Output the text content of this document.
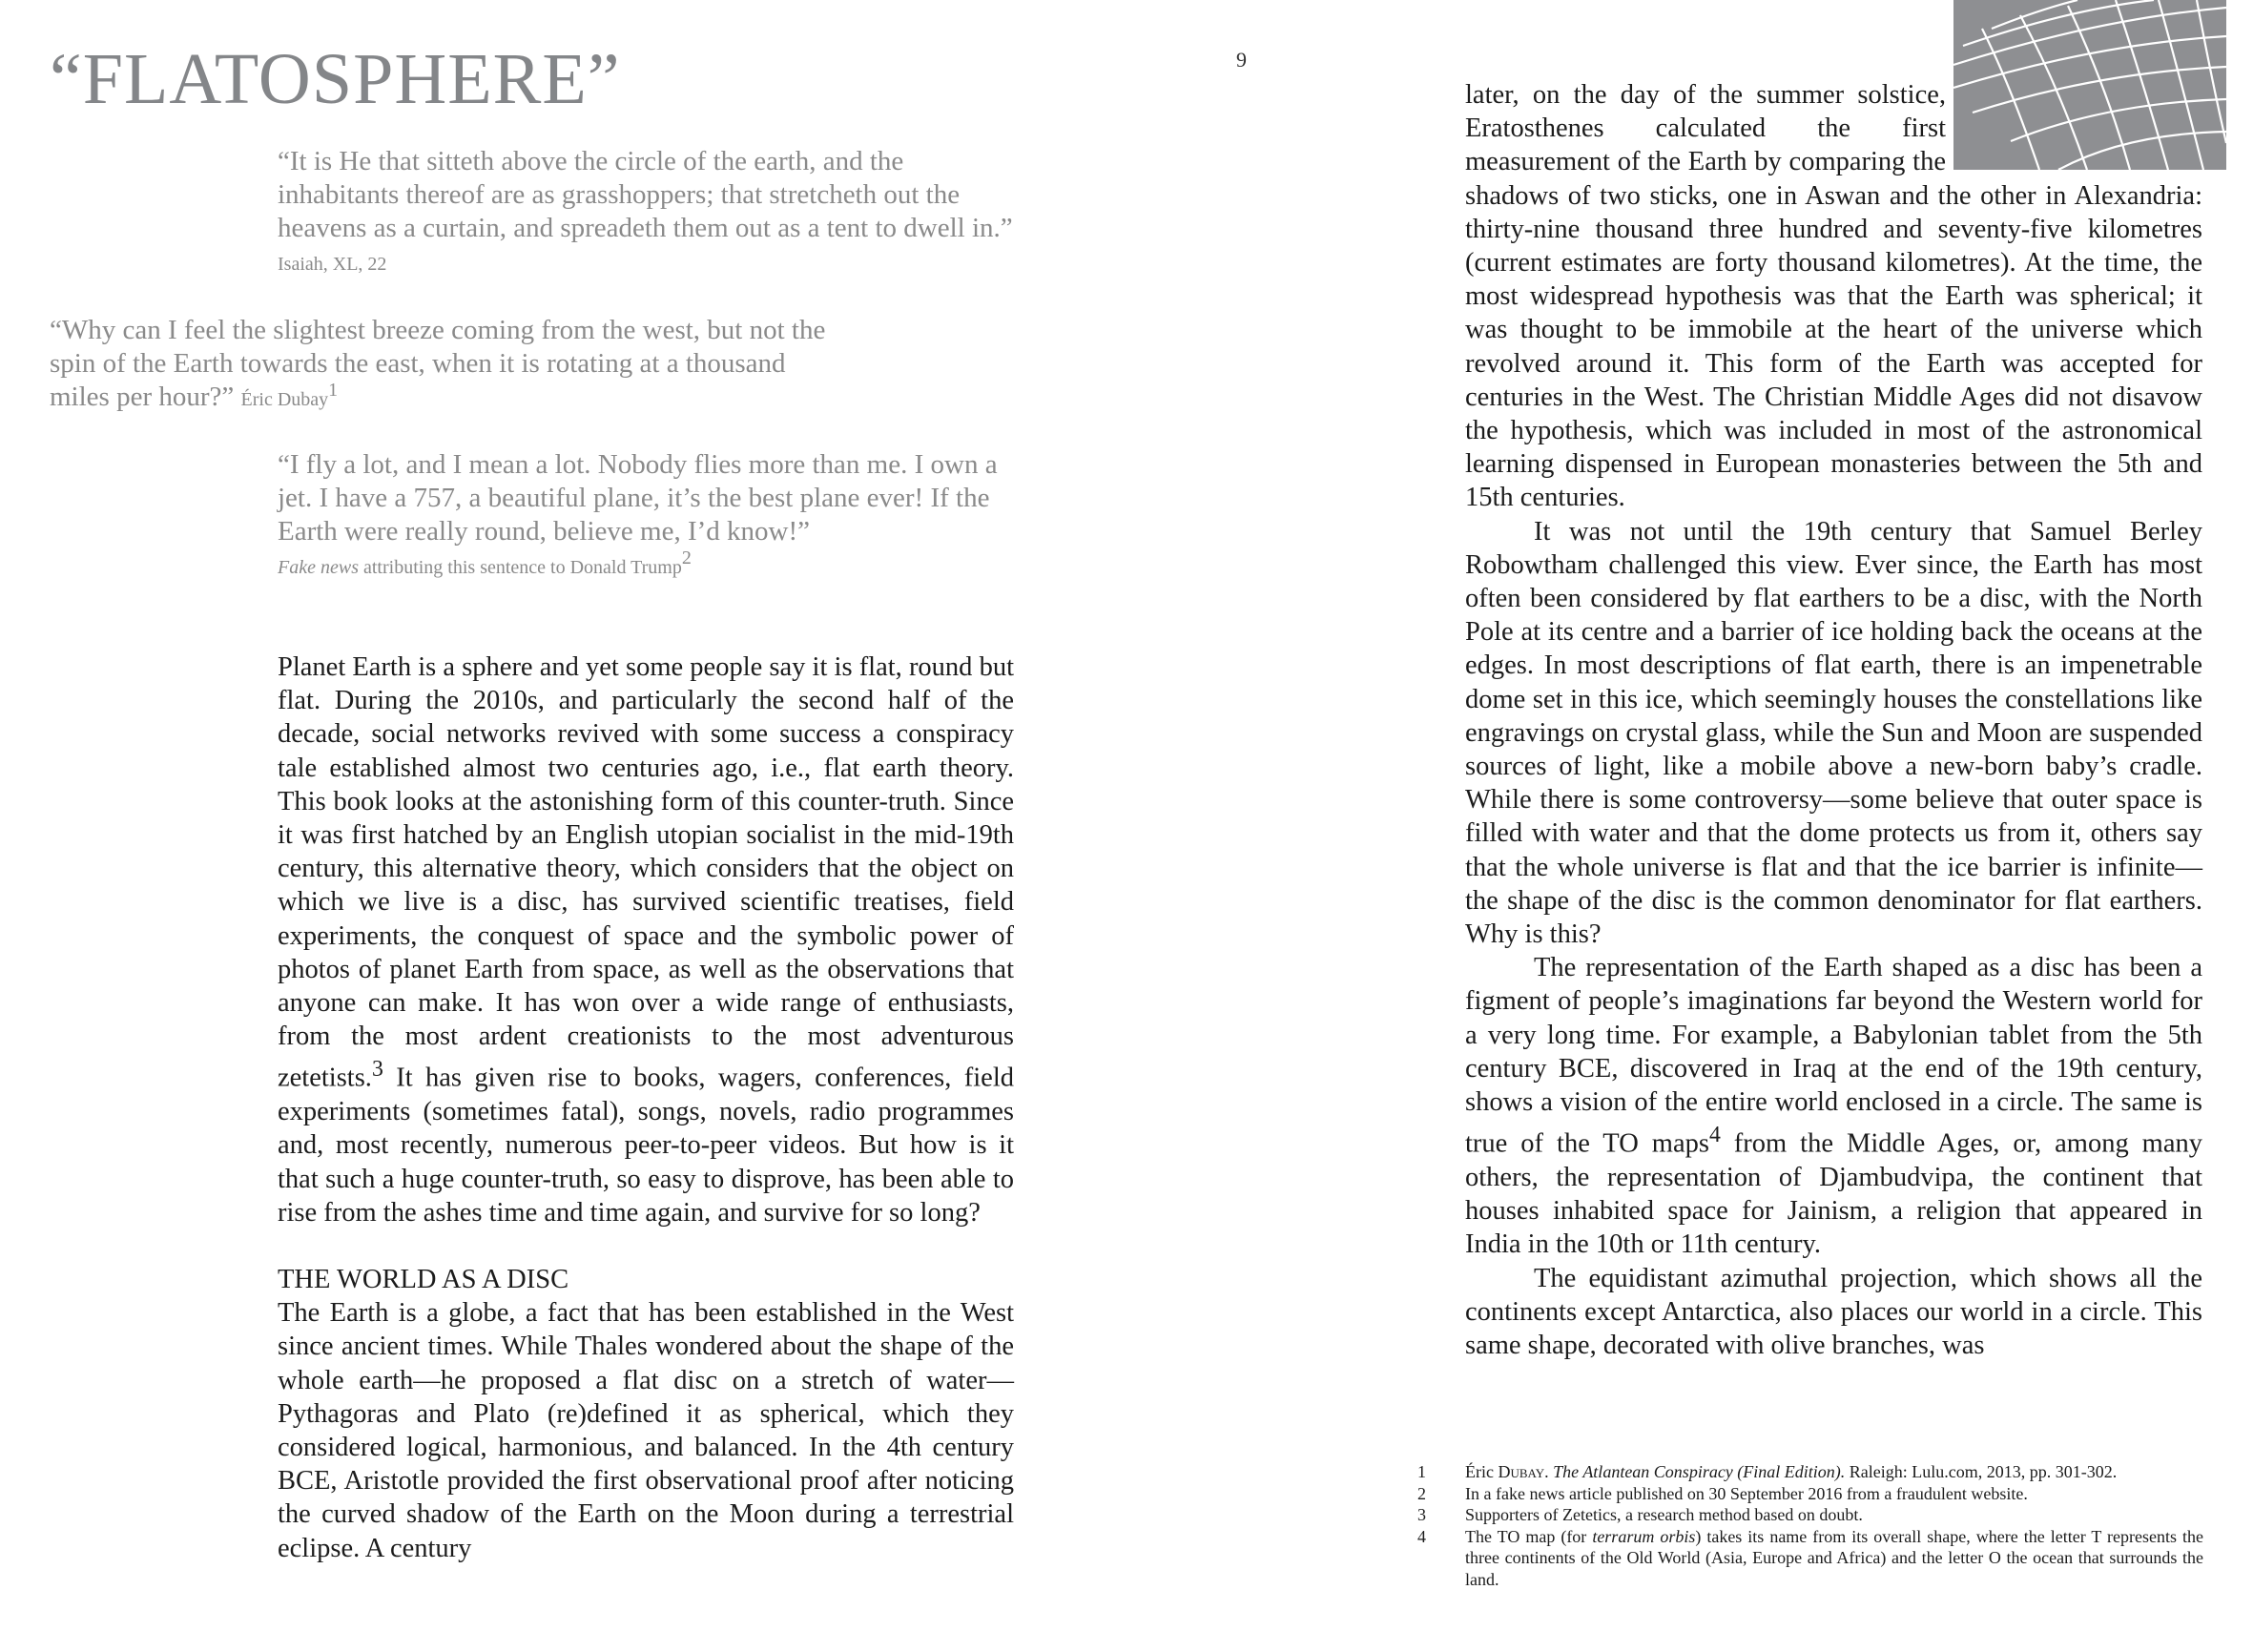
“FLATOSPHERE”	9
“It is He that sitteth above the circle of the earth, and the inhabitants thereof are as grasshoppers; that stretcheth out the heavens as a curtain, and spreadeth them out as a tent to dwell in.” Isaiah, XL, 22
“Why can I feel the slightest breeze coming from the west, but not the spin of the Earth towards the east, when it is rotating at a thousand miles per hour?” Éric Dubay$^1$
“I fly a lot, and I mean a lot. Nobody flies more than me. I own a jet. I have a 757, a beautiful plane, it’s the best plane ever! If the Earth were really round, believe me, I’d know!”
Fake news attributing this sentence to Donald Trump$^2$

Planet Earth is a sphere and yet some people say it is flat, round but flat. During the 2010s, and particularly the second half of the decade, social networks revived with some success a conspiracy tale established almost two centuries ago, i.e., flat earth theory. This book looks at the astonishing form of this counter-truth. Since it was first hatched by an English utopian socialist in the mid-19th century, this alternative theory, which considers that the object on which we live is a disc, has survived scientific treatises, field experiments, the conquest of space and the symbolic power of photos of planet Earth from space, as well as the observations that anyone can make. It has won over a wide range of enthusiasts, from the most ardent creationists to the most adventurous zetetists.$^3$ It has given rise to books, wagers, conferences, field experiments (sometimes fatal), songs, novels, radio programmes and, most recently, numerous peer-to-peer videos. But how is it that such a huge counter-truth, so easy to disprove, has been able to rise from the ashes time and time again, and survive for so long?

THE WORLD AS A DISC

The Earth is a globe, a fact that has been established in the West since ancient times. While Thales wondered about the shape of the whole earth—he proposed a flat disc on a stretch of water—Pythagoras and Plato (re)defined it as spherical, which they considered logical, harmonious, and balanced. In the 4th century BCE, Aristotle provided the first observational proof after noticing the curved shadow of the Earth on the Moon during a terrestrial eclipse. A century

later, on the day of the summer solstice, Eratosthenes calculated the first measurement of the Earth by comparing the shadows of two sticks, one in Aswan and the other in Alexandria: thirty-nine thousand three hundred and seventy-five kilometres (current estimates are forty thousand kilometres). At the time, the most widespread hypothesis was that the Earth was spherical; it was thought to be immobile at the heart of the universe which revolved around it. This form of the Earth was accepted for centuries in the West. The Christian Middle Ages did not disavow the hypothesis, which was included in most of the astronomical learning dispensed in European monasteries between the 5th and 15th centuries.

It was not until the 19th century that Samuel Berley Robowtham challenged this view. Ever since, the Earth has most often been considered by flat earthers to be a disc, with the North Pole at its centre and a barrier of ice holding back the oceans at the edges. In most descriptions of flat earth, there is an impenetrable dome set in this ice, which seemingly houses the constellations like engravings on crystal glass, while the Sun and Moon are suspended sources of light, like a mobile above a new-born baby’s cradle. While there is some controversy—some believe that outer space is filled with water and that the dome protects us from it, others say that the whole universe is flat and that the ice barrier is infinite—the shape of the disc is the common denominator for flat earthers. Why is this?

The representation of the Earth shaped as a disc has been a figment of people’s imaginations far beyond the Western world for a very long time. For example, a Babylonian tablet from the 5th century BCE, discovered in Iraq at the end of the 19th century, shows a vision of the entire world enclosed in a circle. The same is true of the TO maps$^4$ from the Middle Ages, or, among many others, the representation of Djambudvipa, the continent that houses inhabited space for Jainism, a religion that appeared in India in the 10th or 11th century.

The equidistant azimuthal projection, which shows all the continents except Antarctica, also places our world in a circle. This same shape, decorated with olive branches, was

1 Éric Dubay. The Atlantean Conspiracy (Final Edition). Raleigh: Lulu.com, 2013, pp. 301-302.
2 In a fake news article published on 30 September 2016 from a fraudulent website.
3 Supporters of Zetetics, a research method based on doubt.
4 The TO map (for terrarum orbis) takes its name from its overall shape, where the letter T represents the three continents of the Old World (Asia, Europe and Africa) and the letter O the ocean that surrounds the land.
